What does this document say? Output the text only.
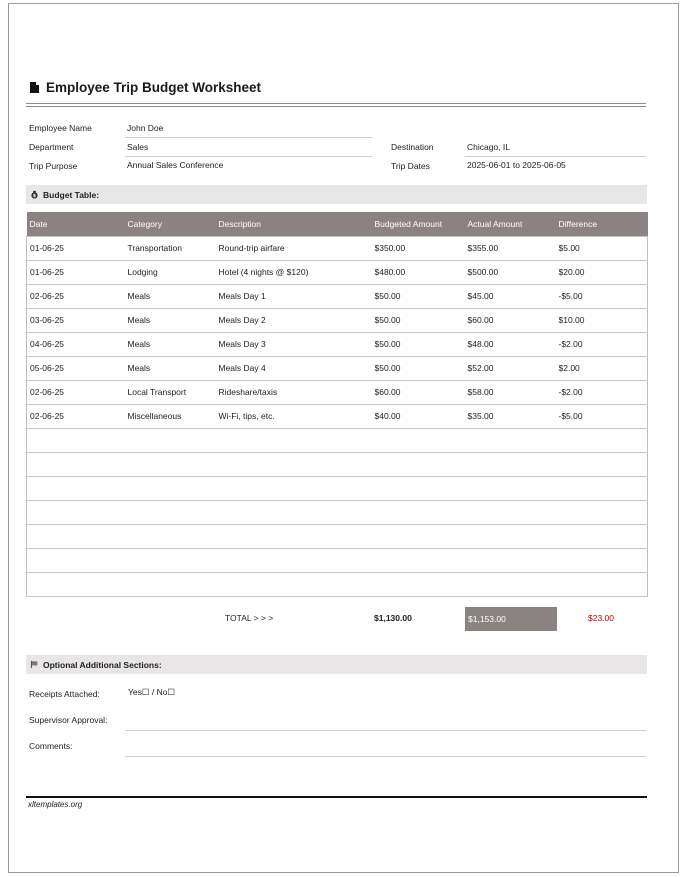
Employee Trip Budget Worksheet
Employee Name	John Doe
Department	Sales
Trip Purpose	Annual Sales Conference
Destination	Chicago, IL
Trip Dates	2025-06-01 to 2025-06-05
$ Budget Table:
Date	Category	Description	Budgeted Amount	Actual Amount	Difference
01-06-25	Transportation	Round-trip airfare	$350.00	$355.00	$5.00
01-06-25	Lodging	Hotel (4 nights @ $120)	$480.00	$500.00	$20.00
02-06-25	Meals	Meals Day 1	$50.00	$45.00	-$5.00
03-06-25	Meals	Meals Day 2	$50.00	$60.00	$10.00
04-06-25	Meals	Meals Day 3	$50.00	$48.00	-$2.00
05-06-25	Meals	Meals Day 4	$50.00	$52.00	$2.00
02-06-25	Local Transport	Rideshare/taxis	$60.00	$58.00	-$2.00
02-06-25	Miscellaneous	Wi-Fi, tips, etc.	$40.00	$35.00	-$5.00

TOTAL > > >	$1,130.00	$1,153.00	$23.00
Optional Additional Sections:
Receipts Attached:	Yes☐ / No☐
Supervisor Approval:
Comments:
xltemplates.org
